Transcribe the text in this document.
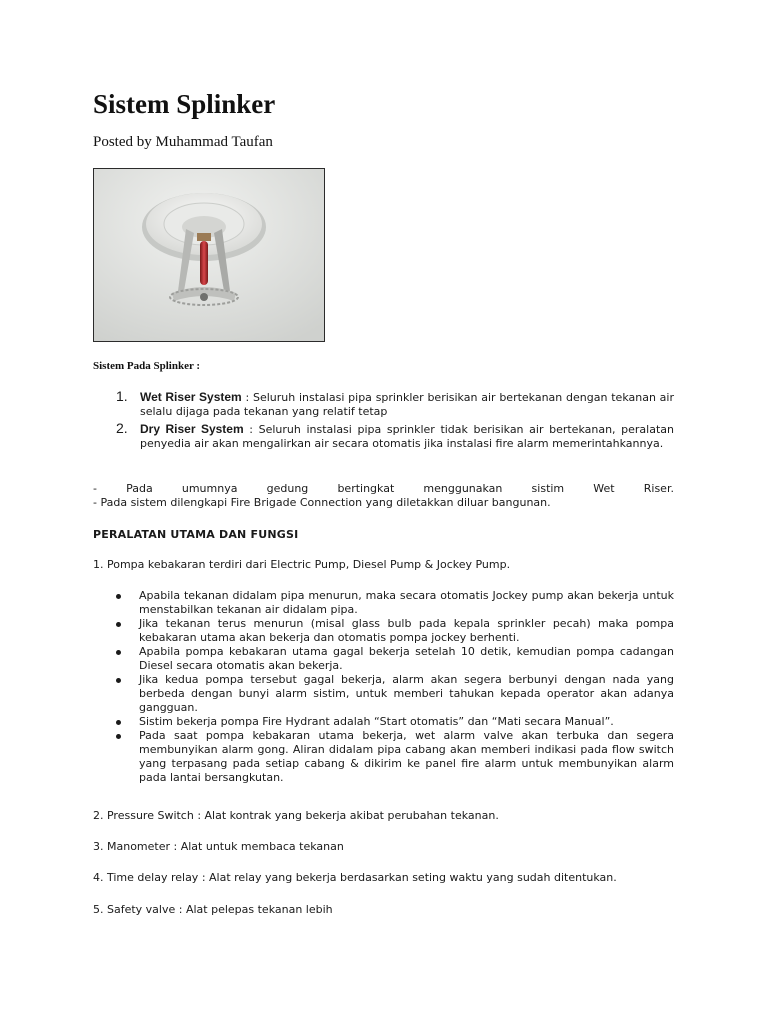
Sistem Splinker
Posted by Muhammad Taufan
Sistem Pada Splinker :
1. Wet Riser System : Seluruh instalasi pipa sprinkler berisikan air bertekanan dengan tekanan air selalu dijaga pada tekanan yang relatif tetap
2. Dry Riser System : Seluruh instalasi pipa sprinkler tidak berisikan air bertekanan, peralatan penyedia air akan mengalirkan air secara otomatis jika instalasi fire alarm memerintahkannya.
-	Pada	umumnya	gedung	bertingkat	menggunakan	sistim	Wet	Riser.
- Pada sistem dilengkapi Fire Brigade Connection yang diletakkan diluar bangunan.
PERALATAN UTAMA DAN FUNGSI
1. Pompa kebakaran terdiri dari Electric Pump, Diesel Pump & Jockey Pump.
Apabila tekanan didalam pipa menurun, maka secara otomatis Jockey pump akan bekerja untuk menstabilkan tekanan air didalam pipa.
Jika tekanan terus menurun (misal glass bulb pada kepala sprinkler pecah) maka pompa kebakaran utama akan bekerja dan otomatis pompa jockey berhenti.
Apabila pompa kebakaran utama gagal bekerja setelah 10 detik, kemudian pompa cadangan Diesel secara otomatis akan bekerja.
Jika kedua pompa tersebut gagal bekerja, alarm akan segera berbunyi dengan nada yang berbeda dengan bunyi alarm sistim, untuk memberi tahukan kepada operator akan adanya gangguan.
Sistim bekerja pompa Fire Hydrant adalah “Start otomatis” dan “Mati secara Manual”.
Pada saat pompa kebakaran utama bekerja, wet alarm valve akan terbuka dan segera membunyikan alarm gong. Aliran didalam pipa cabang akan memberi indikasi pada flow switch yang terpasang pada setiap cabang & dikirim ke panel fire alarm untuk membunyikan alarm pada lantai bersangkutan.
2. Pressure Switch : Alat kontrak yang bekerja akibat perubahan tekanan.
3. Manometer : Alat untuk membaca tekanan
4. Time delay relay : Alat relay yang bekerja berdasarkan seting waktu yang sudah ditentukan.
5. Safety valve : Alat pelepas tekanan lebih
